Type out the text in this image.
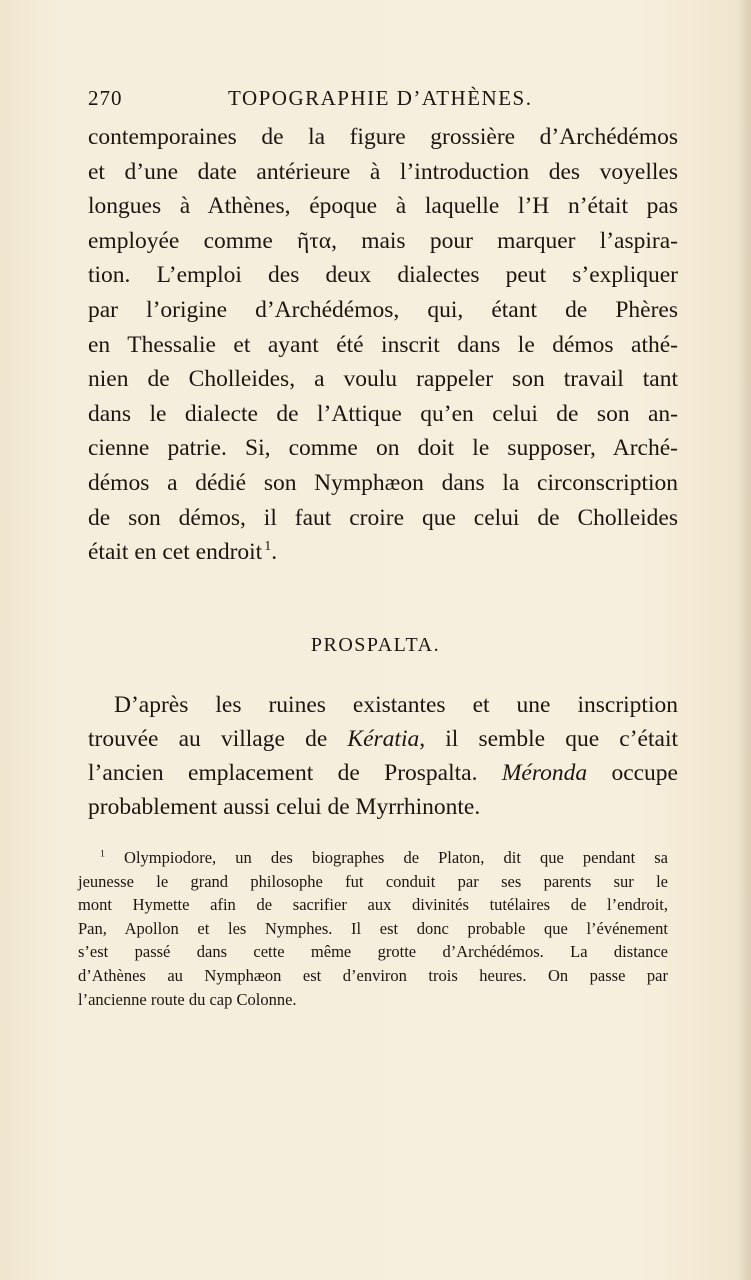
270	TOPOGRAPHIE D’ATHÈNES.
contemporaines de la figure grossière d’Archédémos
et d’une date antérieure à l’introduction des voyelles
longues à Athènes, époque à laquelle l’H n’était pas
employée comme ῆτα, mais pour marquer l’aspira-
tion. L’emploi des deux dialectes peut s’expliquer
par l’origine d’Archédémos, qui, étant de Phères
en Thessalie et ayant été inscrit dans le démos athé-
nien de Cholleides, a voulu rappeler son travail tant
dans le dialecte de l’Attique qu’en celui de son an-
cienne patrie. Si, comme on doit le supposer, Arché-
démos a dédié son Nymphæon dans la circonscription
de son démos, il faut croire que celui de Cholleides
était en cet endroit  $^1$.
PROSPALTA.
D’après les ruines existantes et une inscription
trouvée au village de Kératia, il semble que c’était
l’ancien emplacement de Prospalta. Méronda occupe
probablement aussi celui de Myrrhinonte.
$^1$ Olympiodore, un des biographes de Platon, dit que pendant sa
jeunesse le grand philosophe fut conduit par ses parents sur le
mont Hymette afin de sacrifier aux divinités tutélaires de l’endroit,
Pan, Apollon et les Nymphes. Il est donc probable que l’événement
s’est passé dans cette même grotte d’Archédémos. La distance
d’Athènes au Nymphæon est d’environ trois heures. On passe par
l’ancienne route du cap Colonne.
